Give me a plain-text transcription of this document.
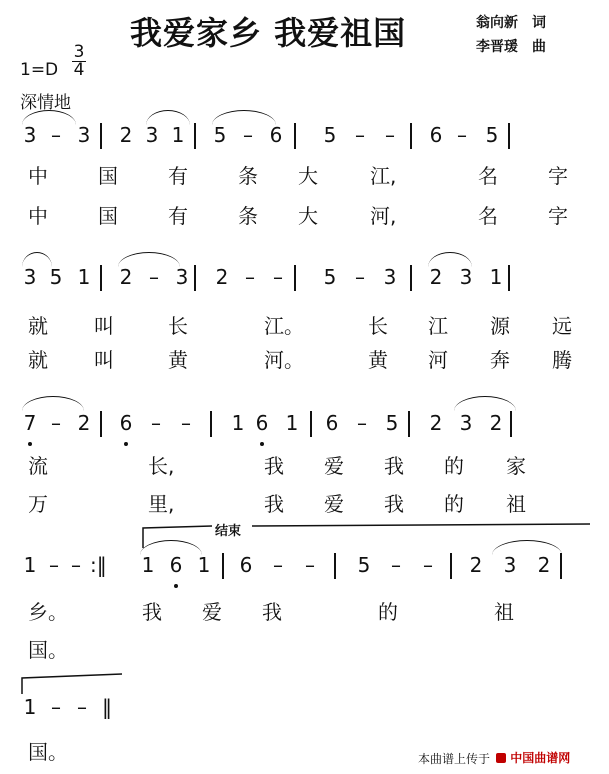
我爱家乡 我爱祖国	翁向新　词
李晋瑗　曲
$1=D \frac{3}{4}$
深情地
3 – 3 2 3 1 5 – 6 5 – – 6 – 5
中	国	有	条 大	江,	名	字
中	国	有	条 大	河,	名	字
3 5 1 2 – 3 2 – – 5 – 3 2 3 1
就 叫	长	江。	长 江 源 远
就 叫	黄	河。	黄 河 奔 腾
7 – 2 6 – – 1 6 1 6 – 5 2 3 2
流	长,	我 爱 我 的 家
万	里,	我 爱 我 的 祖
结束
1 – – :‖	1 6 1 6 – – 5 – – 2 3 2
乡。	我 爱 我	的	祖
国。
1 – – ‖
国。	本曲谱上传于	中国曲谱网
